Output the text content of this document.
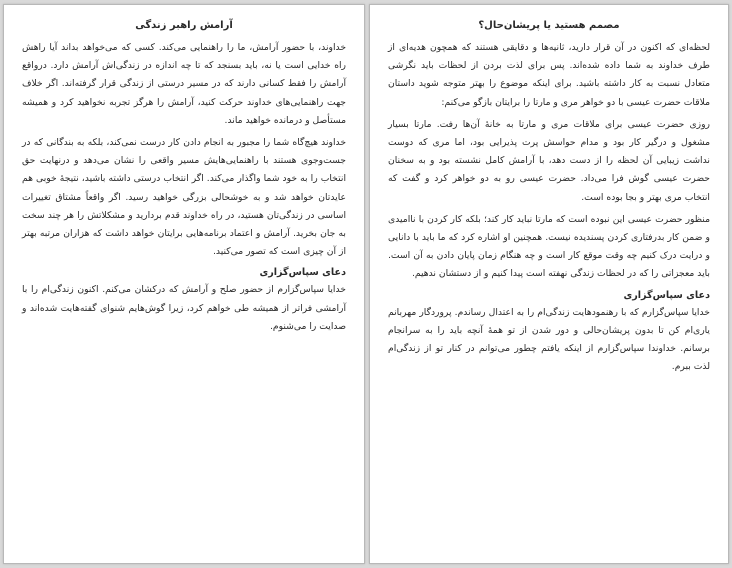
آرامش راهبر زندگی

خداوند، با حضور آرامش، ما را راهنمایی می‌کند. کسی که می‌خواهد بداند آیا راهش راه خدایی است یا نه، باید بسنجد که تا چه اندازه در زندگی‌اش آرامش دارد. درواقع آرامش را فقط کسانی دارند که در مسیر درستی از زندگی قرار گرفته‌اند. اگر خلاف جهت راهنمایی‌های خداوند حرکت کنید، آرامش را هرگز تجربه نخواهید کرد و همیشه مستأصل و درمانده خواهید ماند.

خداوند هیچ‌گاه شما را مجبور به انجام دادن کار درست نمی‌کند، بلکه به بندگانی که در جست‌وجوی هستند با راهنمایی‌هایش مسیر واقعی را نشان می‌دهد و درنهایت حق انتخاب را به خود شما واگذار می‌کند. اگر انتخاب درستی داشته باشید، نتیجهٔ خوبی هم عایدتان خواهد شد و به خوشحالی بزرگی خواهید رسید. اگر واقعاً مشتاق تغییرات اساسی در زندگی‌تان هستید، در راه خداوند قدم بردارید و مشکلاتش را هر چند سخت به جان بخرید. آرامش و اعتماد برنامه‌هایی برایتان خواهد داشت که هزاران مرتبه بهتر از آن چیزی است که تصور می‌کنید.

دعای سپاس‌گزاری

خدایا سپاس‌گزارم از حضور صلح و آرامش که درکشان می‌کنم. اکنون زندگی‌ام را با آرامشی فراتر از همیشه طی خواهم کرد، زیرا گوش‌هایم شنوای گفته‌هایت شده‌اند و صدایت را می‌شنوم.

مصمم هستید یا پریشان‌حال؟

لحظه‌ای که اکنون در آن قرار دارید، ثانیه‌ها و دقایقی هستند که همچون هدیه‌ای از طرف خداوند به شما داده شده‌اند. پس برای لذت بردن از لحظات باید نگرشی متعادل نسبت به کار داشته باشید. برای اینکه موضوع را بهتر متوجه شوید داستان ملاقات حضرت عیسی با دو خواهر مری و مارتا را برایتان بازگو می‌کنم:

روزی حضرت عیسی برای ملاقات مری و مارتا به خانهٔ آن‌ها رفت. مارتا بسیار مشغول و درگیر کار بود و مدام حواسش پرت پذیرایی بود، اما مری که دوست نداشت زیبایی آن لحظه را از دست دهد، با آرامش کامل نشسته بود و به سخنان حضرت عیسی گوش فرا می‌داد. حضرت عیسی رو به دو خواهر کرد و گفت که انتخاب مری بهتر و بجا بوده است.

منظور حضرت عیسی این نبوده است که مارتا نباید کار کند؛ بلکه کار کردن با ناامیدی و ضمن کار بدرفتاری کردن پسندیده نیست. همچنین او اشاره کرد که ما باید با دانایی و درایت درک کنیم چه وقت موقع کار است و چه هنگام زمان پایان دادن به آن است. باید معجزاتی را که در لحظات زندگی نهفته است پیدا کنیم و از دستشان ندهیم.

دعای سپاس‌گزاری

خدایا سپاس‌گزارم که با رهنمودهایت زندگی‌ام را به اعتدال رساندم. پروردگار مهربانم یاری‌ام کن تا بدون پریشان‌حالی و دور شدن از تو همهٔ آنچه باید را به سرانجام برسانم. خداوندا سپاس‌گزارم از اینکه یافتم چطور می‌توانم در کنار تو از زندگی‌ام لذت ببرم.
